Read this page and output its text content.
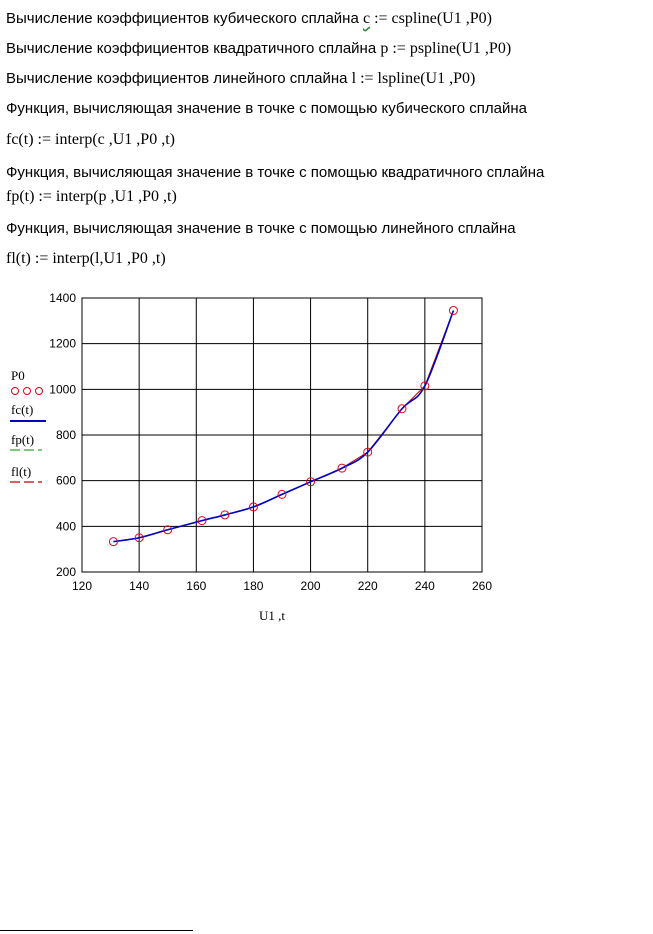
Вычисление коэффициентов кубического сплайна c := cspline(U1 ,P0)
Вычисление коэффициентов квадратичного сплайна p := pspline(U1 ,P0)
Вычисление коэффициентов линейного сплайна l := lspline(U1 ,P0)
Функция, вычисляющая значение в точке с помощью кубического сплайна
fc(t) := interp(c ,U1 ,P0 ,t)
Функция, вычисляющая значение в точке с помощью квадратичного сплайна
fp(t) := interp(p ,U1 ,P0 ,t)
Функция, вычисляющая значение в точке с помощью линейного сплайна
fl(t) := interp(l,U1 ,P0 ,t)
120	140	160	180	200	220	240	260
200
400
600
800
1000
1200
1400
U1 ,t
P0
fc(t)
fp(t)
fl(t)
